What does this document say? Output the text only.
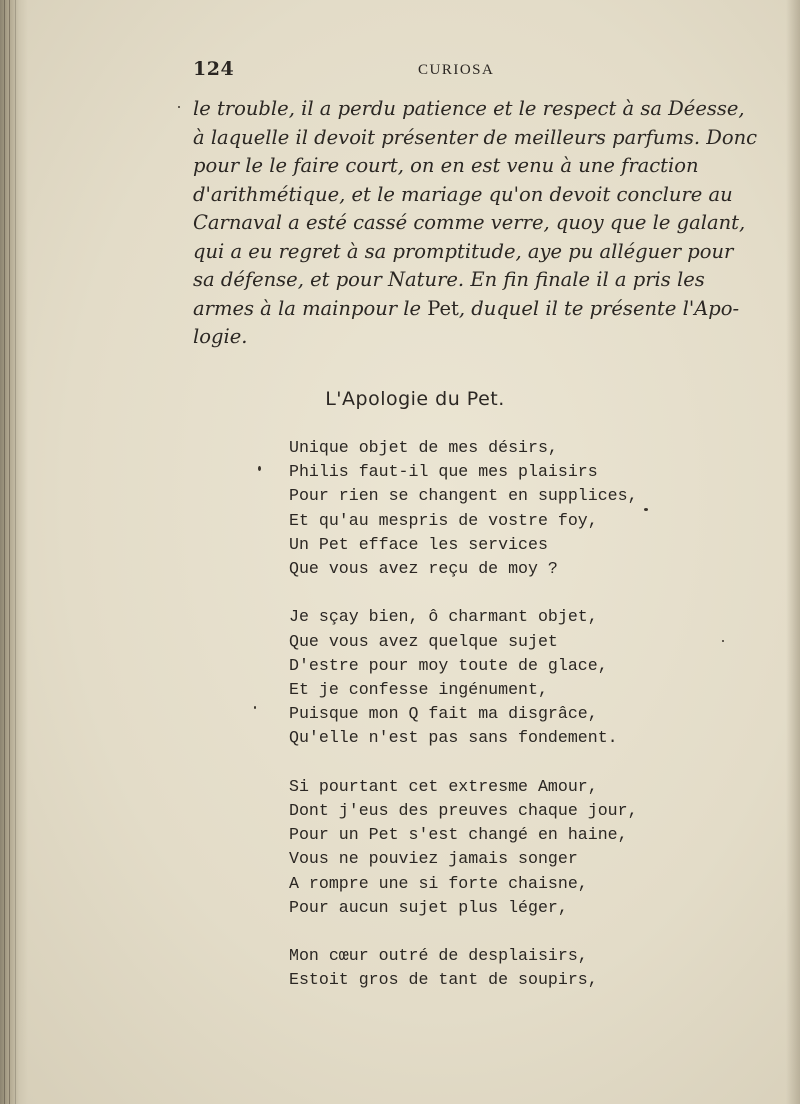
124	CURIOSA
le trouble, il a perdu patience et le respect à sa Déesse,
à laquelle il devoit présenter de meilleurs parfums. Donc
pour le le faire court, on en est venu à une fraction
d'arithmétique, et le mariage qu'on devoit conclure au
Carnaval a esté cassé comme verre, quoy que le galant,
qui a eu regret à sa promptitude, aye pu alléguer pour
sa défense, et pour Nature. En fin finale il a pris les
armes à la mainpour le Pet, duquel il te présente l'Apo-
logie.
L'Apologie du Pet.
Unique objet de mes désirs,
Philis faut-il que mes plaisirs
Pour rien se changent en supplices,
Et qu'au mespris de vostre foy,
Un Pet efface les services
Que vous avez reçu de moy ?
Je sçay bien, ô charmant objet,
Que vous avez quelque sujet
D'estre pour moy toute de glace,
Et je confesse ingénument,
Puisque mon Q fait ma disgrâce,
Qu'elle n'est pas sans fondement.
Si pourtant cet extresme Amour,
Dont j'eus des preuves chaque jour,
Pour un Pet s'est changé en haine,
Vous ne pouviez jamais songer
A rompre une si forte chaisne,
Pour aucun sujet plus léger,
Mon cœur outré de desplaisirs,
Estoit gros de tant de soupirs,
